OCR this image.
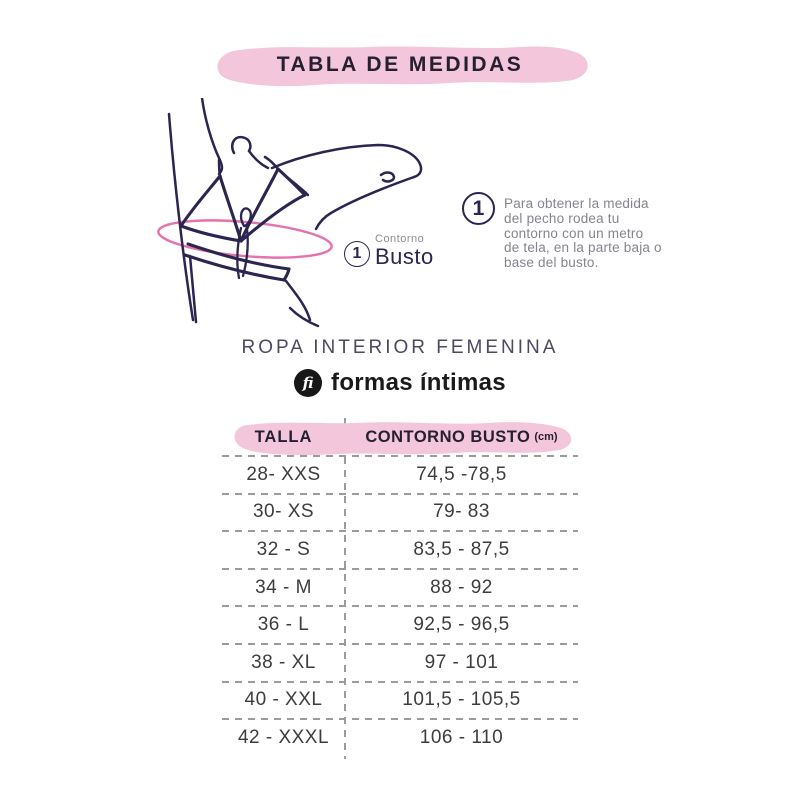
TABLA DE MEDIDAS
1
Contorno
Busto
1	Para obtener la medida del pecho rodea tu contorno con un metro de tela, en la parte baja o base del busto.
ROPA INTERIOR FEMENINA
fi formas íntimas
TALLA	CONTORNO BUSTO (cm)
28- XXS	74,5 -78,5
30- XS	79- 83
32 - S	83,5 - 87,5
34 - M	88 - 92
36 - L	92,5 - 96,5
38 - XL	97 - 101
40 - XXL	101,5 - 105,5
42 - XXXL	106 - 110
